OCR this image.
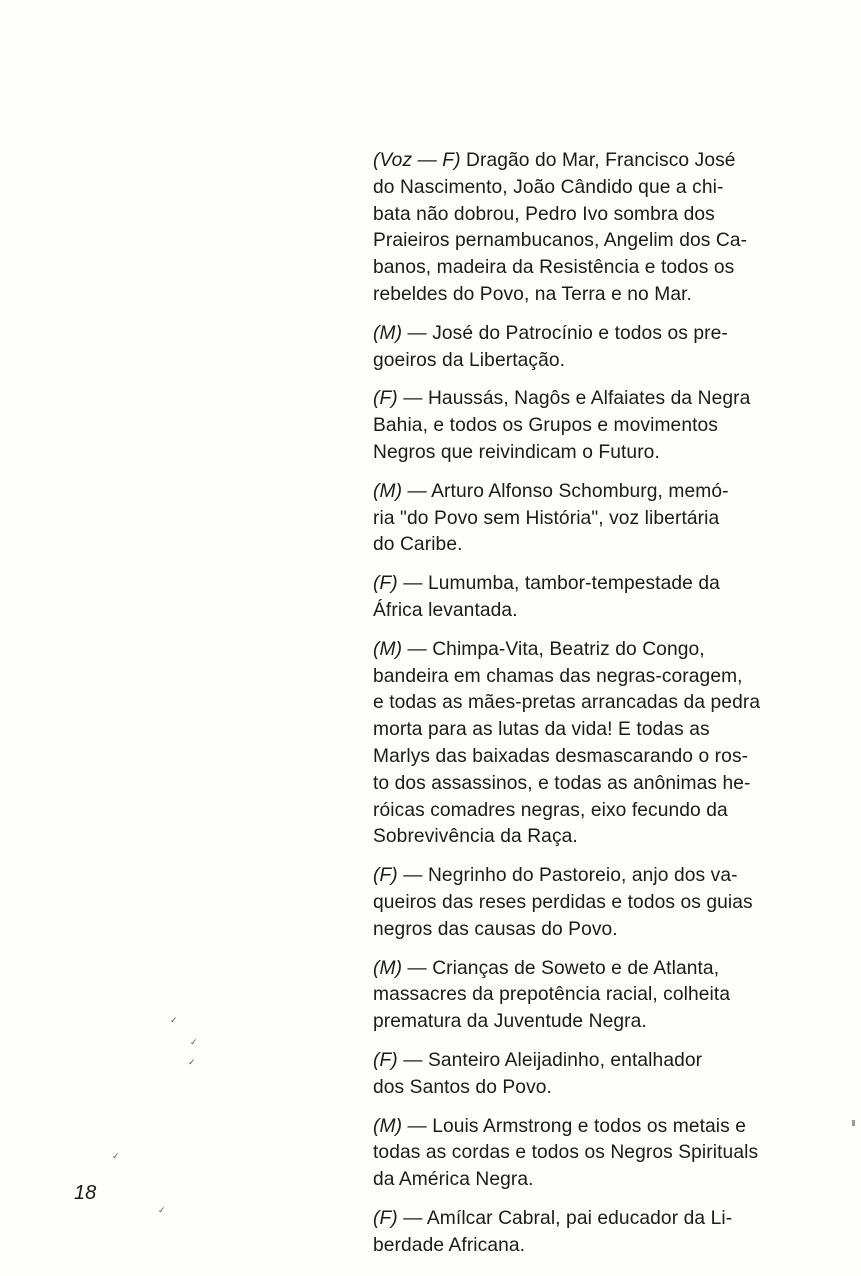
(Voz — F) Dragão do Mar, Francisco José
do Nascimento, João Cândido que a chi-
bata não dobrou, Pedro Ivo sombra dos
Praieiros pernambucanos, Angelim dos Ca-
banos, madeira da Resistência e todos os
rebeldes do Povo, na Terra e no Mar.

(M) — José do Patrocínio e todos os pre-
goeiros da Libertação.

(F) — Haussás, Nagôs e Alfaiates da Negra
Bahia, e todos os Grupos e movimentos
Negros que reivindicam o Futuro.

(M) — Arturo Alfonso Schomburg, memó-
ria "do Povo sem História", voz libertária
do Caribe.

(F) — Lumumba, tambor-tempestade da
África levantada.

(M) — Chimpa-Vita, Beatriz do Congo,
bandeira em chamas das negras-coragem,
e todas as mães-pretas arrancadas da pedra
morta para as lutas da vida! E todas as
Marlys das baixadas desmascarando o ros-
to dos assassinos, e todas as anônimas he-
róicas comadres negras, eixo fecundo da
Sobrevivência da Raça.

(F) — Negrinho do Pastoreio, anjo dos va-
queiros das reses perdidas e todos os guias
negros das causas do Povo.

(M) — Crianças de Soweto e de Atlanta,
massacres da prepotência racial, colheita
prematura da Juventude Negra.

(F) — Santeiro Aleijadinho, entalhador
dos Santos do Povo.

(M) — Louis Armstrong e todos os metais e
todas as cordas e todos os Negros Spirituals
da América Negra.

(F) — Amílcar Cabral, pai educador da Li-
berdade Africana.

18
✓
✓
✓
✓
✓
